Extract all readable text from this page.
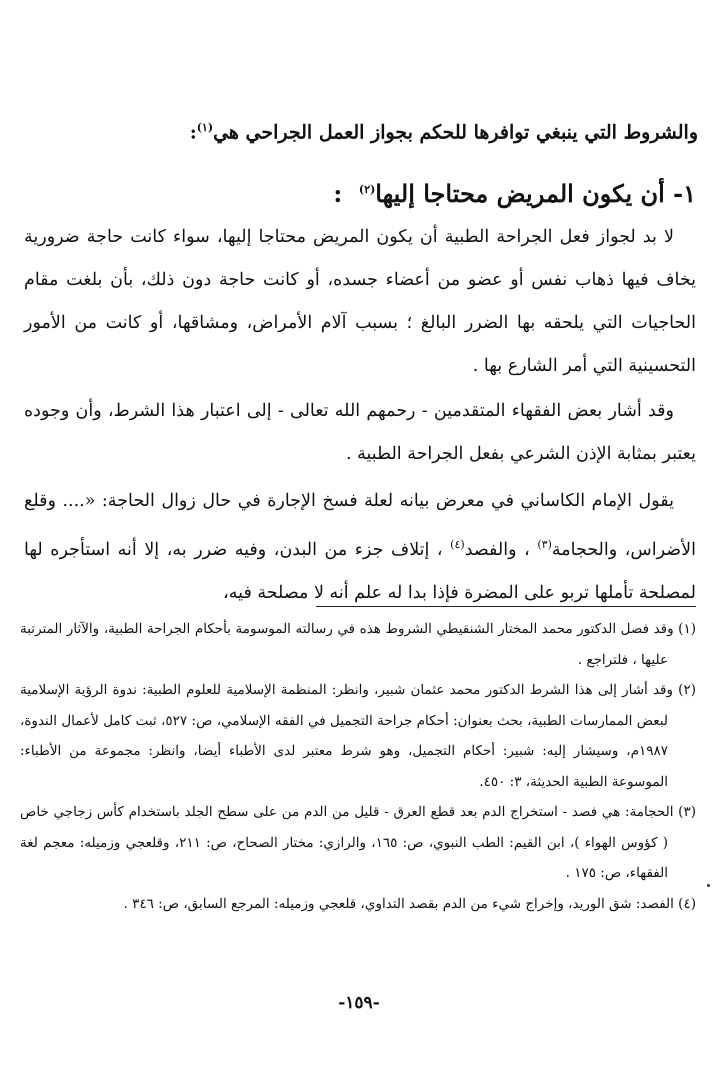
والشروط التي ينبغي توافرها للحكم بجواز العمل الجراحي هي$^{(١)}$:

١- أن يكون المريض محتاجا إليها$^{(٢)}$  :

لا بد لجواز فعل الجراحة الطبية أن يكون المريض محتاجا إليها، سواء كانت حاجة ضرورية يخاف فيها ذهاب نفس أو عضو من أعضاء جسده، أو كانت حاجة دون ذلك، بأن بلغت مقام الحاجيات التي يلحقه بها الضرر البالغ ؛ بسبب آلام الأمراض، ومشاقها، أو كانت من الأمور التحسينية التي أمر الشارع بها .

وقد أشار بعض الفقهاء المتقدمين - رحمهم الله تعالى - إلى اعتبار هذا الشرط، وأن وجوده يعتبر بمثابة الإذن الشرعي بفعل الجراحة الطبية .

يقول الإمام الكاساني في معرض بيانه لعلة فسخ الإجارة في حال زوال الحاجة: «.... وقلع الأضراس، والحجامة$^{(٣)}$ ، والفصد$^{(٤)}$ ، إتلاف جزء من البدن، وفيه ضرر به، إلا أنه استأجره لها لمصلحة تأملها تربو على المضرة فإذا بدا له علم أنه لا مصلحة فيه،

(١) وقد فصل الدكتور محمد المختار الشنقيطي الشروط هذه في رسالته الموسومة بأحكام الجراحة الطبية، والآثار المترتبة عليها ، فلتراجع .

(٢) وقد أشار إلى هذا الشرط الدكتور محمد عثمان شبير، وانظر: المنظمة الإسلامية للعلوم الطبية: ندوة الرؤية الإسلامية لبعض الممارسات الطبية، بحث بعنوان: أحكام جراحة التجميل في الفقه الإسلامي، ص: ٥٢٧، ثبت كامل لأعمال الندوة، ١٩٨٧م، وسيشار إليه: شبير: أحكام التجميل، وهو شرط معتبر لدى الأطباء أيضا، وانظر: مجموعة من الأطباء: الموسوعة الطبية الحديثة، ٣: ٤٥٠.

(٣) الحجامة: هي فصد - استخراج الدم بعد قطع العرق - قليل من الدم من على سطح الجلد باستخدام كأس زجاجي خاص ( كؤوس الهواء )، ابن القيم: الطب النبوي، ص: ١٦٥، والرازي: مختار الصحاح، ص: ٢١١، وقلعجي وزميله: معجم لغة الفقهاء، ص: ١٧٥ .

(٤) الفصد: شق الوريد، وإخراج شيء من الدم بقصد التداوي، قلعجي وزميله: المرجع السابق، ص: ٣٤٦ .

-١٥٩-
